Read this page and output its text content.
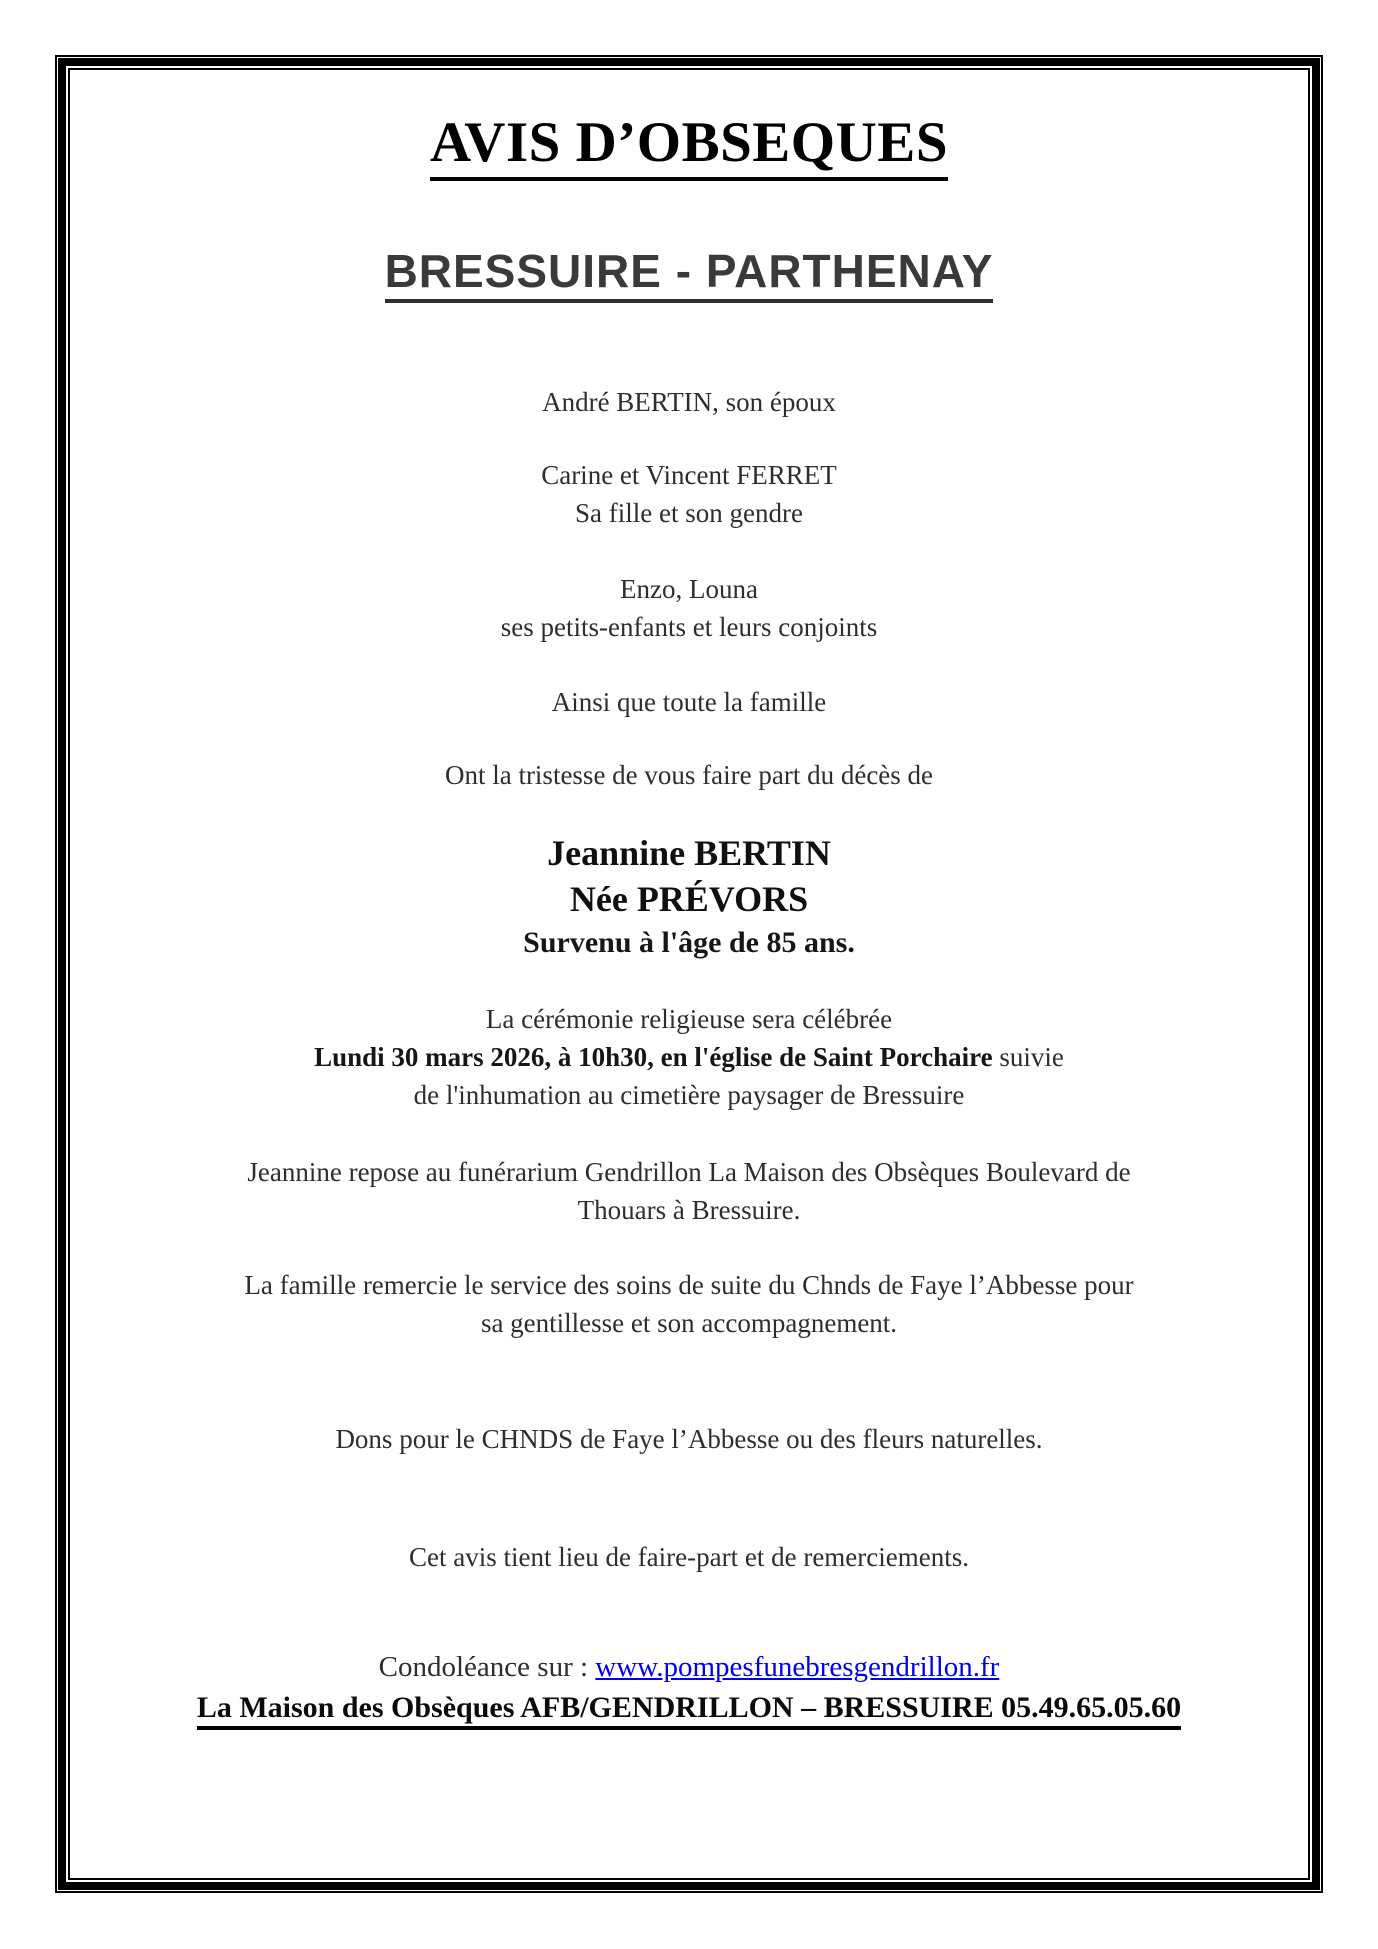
AVIS D’OBSEQUES
BRESSUIRE - PARTHENAY

André BERTIN, son époux

Carine et Vincent FERRET

Sa fille et son gendre

Enzo, Louna

ses petits-enfants et leurs conjoints

Ainsi que toute la famille

Ont la tristesse de vous faire part du décès de

Jeannine BERTIN

Née PRÉVORS

Survenu à l'âge de 85 ans.

La cérémonie religieuse sera célébrée

Lundi 30 mars 2026, à 10h30, en l'église de Saint Porchaire suivie

de l'inhumation au cimetière paysager de Bressuire

Jeannine repose au funérarium Gendrillon La Maison des Obsèques Boulevard de

Thouars à Bressuire.

La famille remercie le service des soins de suite du Chnds de Faye l’Abbesse pour

sa gentillesse et son accompagnement.

Dons pour le CHNDS de Faye l’Abbesse ou des fleurs naturelles.

Cet avis tient lieu de faire-part et de remerciements.

Condoléance sur : www.pompesfunebresgendrillon.fr

La Maison des Obsèques AFB/GENDRILLON – BRESSUIRE 05.49.65.05.60
